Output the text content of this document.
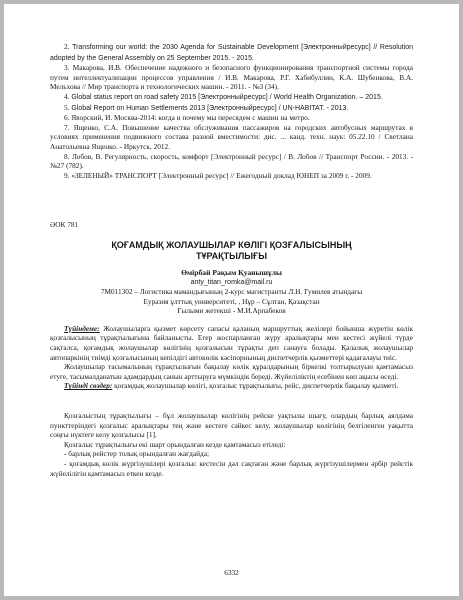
2. Transforming our world: the 2030 Agenda for Sustainable Development [Электронныйресурс] // Resolution adopted by the General Assembly on 25 September 2015. - 2015.

3. Макарова, И.В. Обеспечение надежного и безопасного функционирования транспортной системы города путем интеллектуализации процессов управления / И.В. Макарова, Р.Г. Хабибуллин, К.А. Шубенкова, В.А. Мельхова // Мир транспорта и технологических машин. - 2011. - №3 (34).

4. Global status report on road safety 2015 [Электронныйресурс] / World Health Organization. – 2015.

5. Global Report on Human Settlements 2013 [Электронныйресурс] / UN-HABITAT. - 2013.

6. Яворский, И. Москва-2014: когда и почему мы пересядем с машин на метро.

7. Ященко, С.А. Повышение качества обслуживания пассажиров на городских автобусных маршрутах в условиях применения подвижного состава разной вместимости: дис. ... канд. техн. наук: 05.22.10 / Светлана Анатольевна Ященко. - Иркутск, 2012.

8. Лобов, В. Регулярность, скорость, комфорт [Электронный ресурс] / В. Лобов // Транспорт России. - 2013. - №27 (782).

9. «ЗЕЛЕНЫЙ» ТРАНСПОРТ [Электронный ресурс] // Ежегодный доклад ЮНЕП за 2009 г. - 2009.

ӘОК 781

ҚОҒАМДЫҚ ЖОЛАУШЫЛАР КӨЛІГІ ҚОЗҒАЛЫСЫНЫҢ
ТҰРАҚТЫЛЫҒЫ

Өмірбай Рақым Қуанышұлы

anty_titan_romka@mail.ru

7М011302 – Логистика мамандығының 2-курс магистранты Л.Н. Гумилев атындағы

Еуразия ұлттық университеті, , Нұр – Сұлтан, Қазақстан

Ғылыми жетекші - М.И.Арпабеков

Түйіндеме: Жолаушыларға қызмет көрсету сапасы қаланың маршруттық желілері бойынша жүретін көлік қозғалысының тұрақтылығына байланысты. Егер жоспарланған жүру аралықтары мен кестесі жүйелі түрде сақталса, қоғамдық жолаушылар көлігінің қозғалысын тұрақты деп санауға болады. Қалалық жолаушылар автопаркінің тиімді қозғалысының кепілдігі автокөлік кәсіпорнының диспетчерлік қызметтері қадағалауы тиіс.

Жолаушылар тасымалының тұрақтылығын бақылау көлік құралдарының біркелкі толтырылуын қамтамасыз етуге, тасымалданатын адамдардың санын арттыруға мүмкіндік береді. Жүйеліліктің есебінен көп ақысы өседі.

Түйінді сөздер: қоғамдық жолаушылар көлігі, қозғалыс тұрақтылығы, рейс, диспетчерлік бақылау қызметі.

Қозғалыстың тұрақтылығы – бұл жолаушылар көлігінің рейске уақтылы шығу, олардың барлық аялдама пункттеріндегі қозғалыс аралықтары тең және кестеге сәйкес келу, жолаушылар көлігінің белгіленген уақытта соңғы нүктеге келу қозғалысы [1].

Қозғалыс тұрақтылығы екі шарт орындалған кезде қамтамасыз етіледі:

- барлық рейстер толық орындалған жағдайда;

- қоғамдық көлік жүргізушілері қозғалыс кестесін дәл сақтаған және барлық жүргізушілермен әрбір рейстік жүйелілігін қамтамасыз еткен кезде.

6332
